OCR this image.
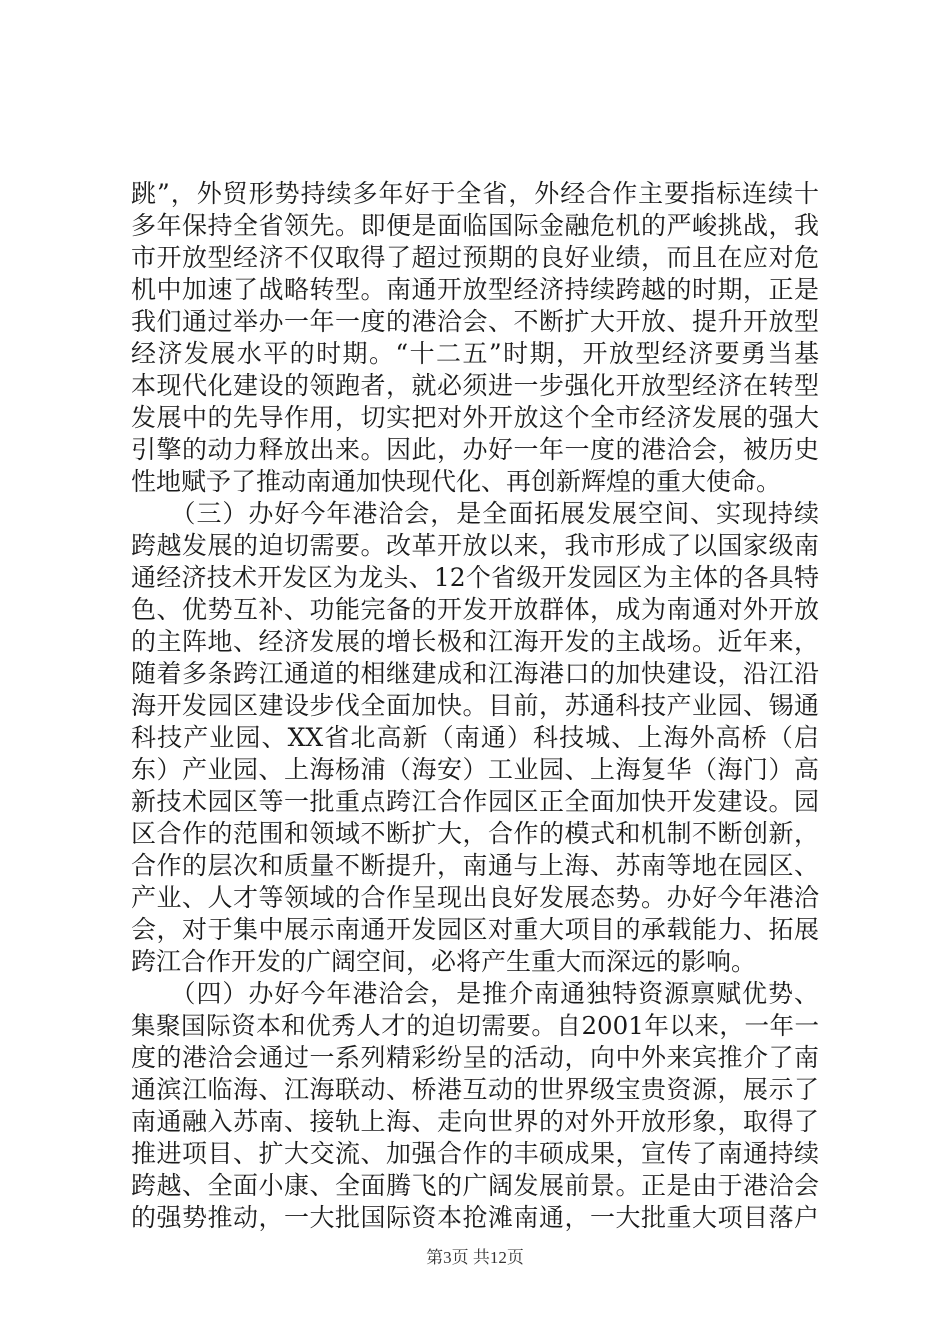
跳”，外贸形势持续多年好于全省，外经合作主要指标连续十
多年保持全省领先。即便是面临国际金融危机的严峻挑战，我
市开放型经济不仅取得了超过预期的良好业绩，而且在应对危
机中加速了战略转型。南通开放型经济持续跨越的时期，正是
我们通过举办一年一度的港洽会、不断扩大开放、提升开放型
经济发展水平的时期。“十二五”时期，开放型经济要勇当基
本现代化建设的领跑者，就必须进一步强化开放型经济在转型
发展中的先导作用，切实把对外开放这个全市经济发展的强大
引擎的动力释放出来。因此，办好一年一度的港洽会，被历史
性地赋予了推动南通加快现代化、再创新辉煌的重大使命。
　　（三）办好今年港洽会，是全面拓展发展空间、实现持续
跨越发展的迫切需要。改革开放以来，我市形成了以国家级南
通经济技术开发区为龙头、12个省级开发园区为主体的各具特
色、优势互补、功能完备的开发开放群体，成为南通对外开放
的主阵地、经济发展的增长极和江海开发的主战场。近年来，
随着多条跨江通道的相继建成和江海港口的加快建设，沿江沿
海开发园区建设步伐全面加快。目前，苏通科技产业园、锡通
科技产业园、XX省北高新（南通）科技城、上海外高桥（启
东）产业园、上海杨浦（海安）工业园、上海复华（海门）高
新技术园区等一批重点跨江合作园区正全面加快开发建设。园
区合作的范围和领域不断扩大，合作的模式和机制不断创新，
合作的层次和质量不断提升，南通与上海、苏南等地在园区、
产业、人才等领域的合作呈现出良好发展态势。办好今年港洽
会，对于集中展示南通开发园区对重大项目的承载能力、拓展
跨江合作开发的广阔空间，必将产生重大而深远的影响。
　　（四）办好今年港洽会，是推介南通独特资源禀赋优势、
集聚国际资本和优秀人才的迫切需要。自2001年以来，一年一
度的港洽会通过一系列精彩纷呈的活动，向中外来宾推介了南
通滨江临海、江海联动、桥港互动的世界级宝贵资源，展示了
南通融入苏南、接轨上海、走向世界的对外开放形象，取得了
推进项目、扩大交流、加强合作的丰硕成果，宣传了南通持续
跨越、全面小康、全面腾飞的广阔发展前景。正是由于港洽会
的强势推动，一大批国际资本抢滩南通，一大批重大项目落户
第3页 共12页
